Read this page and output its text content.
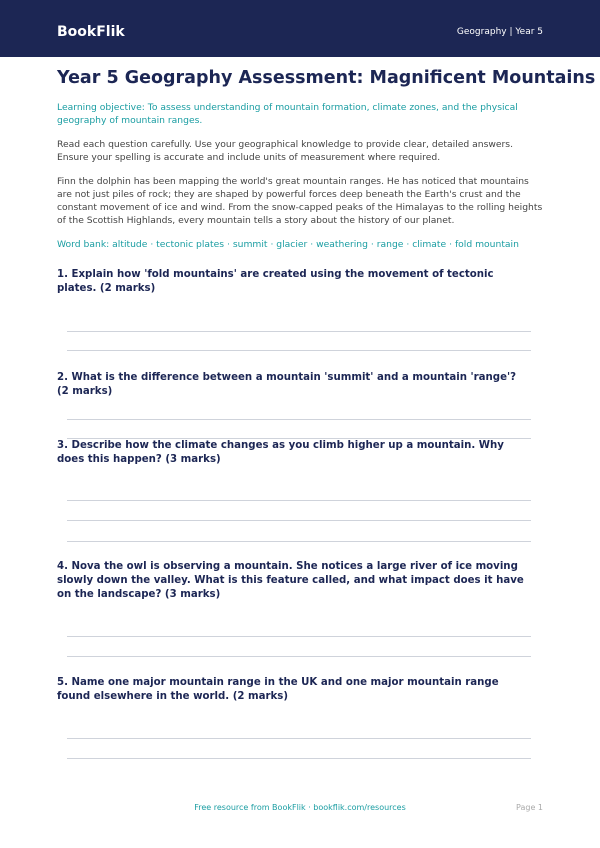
BookFlik	Geography | Year 5
Year 5 Geography Assessment: Magnificent Mountains

Learning objective: To assess understanding of mountain formation, climate zones, and the physical geography of mountain ranges.

Read each question carefully. Use your geographical knowledge to provide clear, detailed answers. Ensure your spelling is accurate and include units of measurement where required.

Finn the dolphin has been mapping the world's great mountain ranges. He has noticed that mountains are not just piles of rock; they are shaped by powerful forces deep beneath the Earth's crust and the constant movement of ice and wind. From the snow-capped peaks of the Himalayas to the rolling heights of the Scottish Highlands, every mountain tells a story about the history of our planet.

Word bank: altitude · tectonic plates · summit · glacier · weathering · range · climate · fold mountain

1. Explain how 'fold mountains' are created using the movement of tectonic plates. (2 marks)

2. What is the difference between a mountain 'summit' and a mountain 'range'? (2 marks)

3. Describe how the climate changes as you climb higher up a mountain. Why does this happen? (3 marks)

4. Nova the owl is observing a mountain. She notices a large river of ice moving slowly down the valley. What is this feature called, and what impact does it have on the landscape? (3 marks)

5. Name one major mountain range in the UK and one major mountain range found elsewhere in the world. (2 marks)

Free resource from BookFlik · bookflik.com/resources	Page 1
